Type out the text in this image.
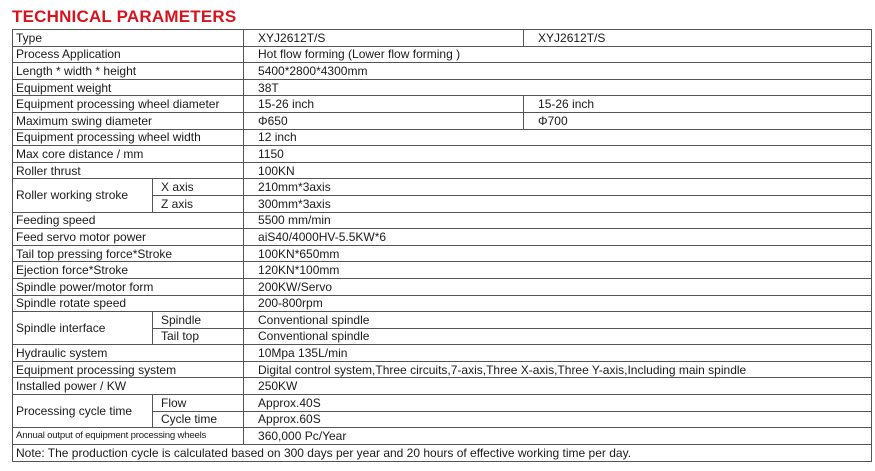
TECHNICAL PARAMETERS
Type		XYJ2612T/S	XYJ2612T/S
Process Application		Hot flow forming (Lower flow forming )	
Length * width * height		5400*2800*4300mm	
Equipment weight		38T	
Equipment processing wheel diameter		15-26 inch	15-26 inch
Maximum swing diameter		Φ650	Φ700
Equipment processing wheel width		12 inch	
Max core distance / mm		1150	
Roller thrust		100KN	
Roller working stroke	X axis	210mm*3axis	
	Z axis	300mm*3axis	
Feeding speed		5500 mm/min	
Feed servo motor power		aiS40/4000HV-5.5KW*6	
Tail top pressing force*Stroke		100KN*650mm	
Ejection force*Stroke		120KN*100mm	
Spindle power/motor form		200KW/Servo	
Spindle rotate speed		200-800rpm	
Spindle interface	Spindle	Conventional spindle	
	Tail top	Conventional spindle	
Hydraulic system		10Mpa 135L/min	
Equipment processing system		Digital control system,Three circuits,7-axis,Three X-axis,Three Y-axis,Including main spindle	
Installed power / KW		250KW	
Processing cycle time	Flow	Approx.40S	
	Cycle time	Approx.60S	
Annual output of equipment processing wheels		360,000 Pc/Year	
Note: The production cycle is calculated based on 300 days per year and 20 hours of effective working time per day.			
